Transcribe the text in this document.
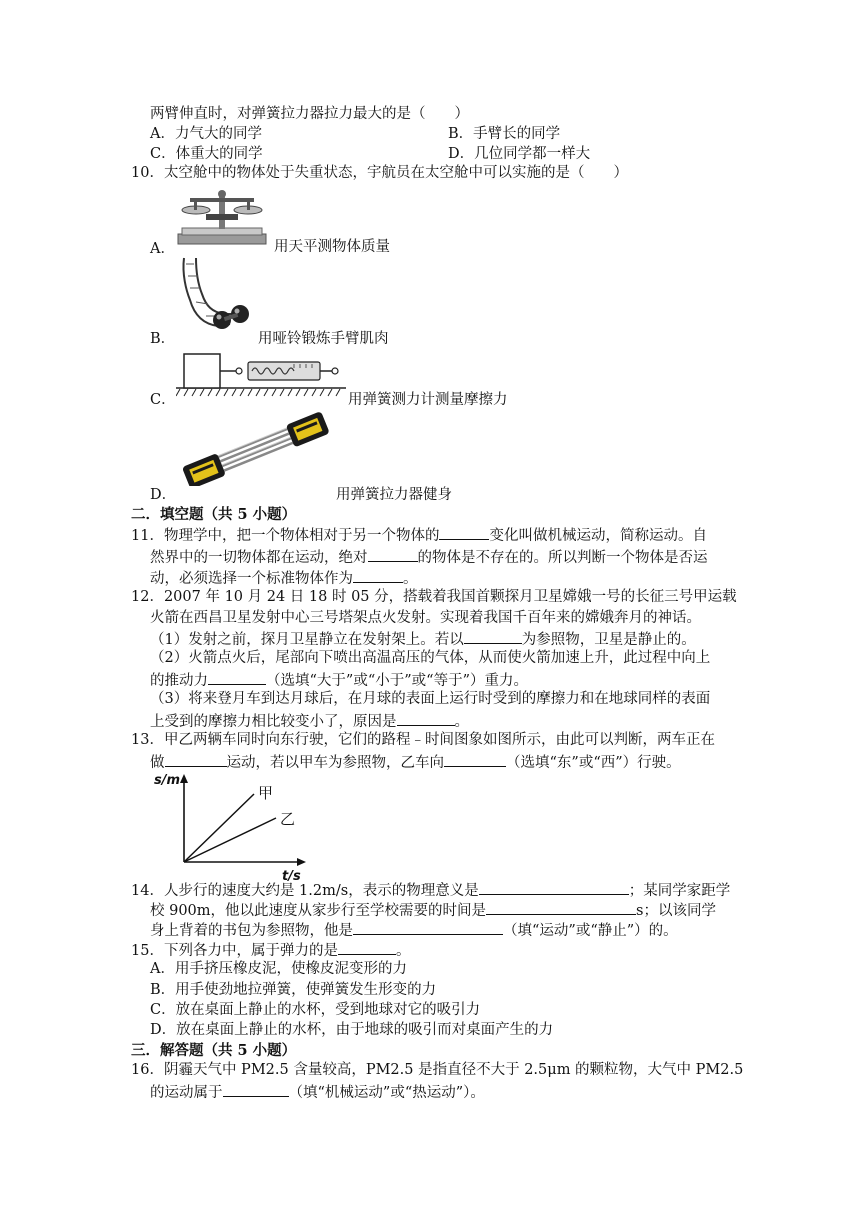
两臂伸直时，对弹簧拉力器拉力最大的是（　　）
A．力气大的同学	B．手臂长的同学
C．体重大的同学	D．几位同学都一样大
10．太空舱中的物体处于失重状态，宇航员在太空舱中可以实施的是（　　）
A．	用天平测物体质量
B．	用哑铃锻炼手臂肌肉
C．	用弹簧测力计测量摩擦力
D．	用弹簧拉力器健身
二．填空题（共 5 小题）
11．物理学中，把一个物体相对于另一个物体的	变化叫做机械运动，简称运动。自
然界中的一切物体都在运动，绝对	的物体是不存在的。所以判断一个物体是否运
动，必须选择一个标准物体作为	。
12．2007 年 10 月 24 日 18 时 05 分，搭载着我国首颗探月卫星嫦娥一号的长征三号甲运载
火箭在西昌卫星发射中心三号塔架点火发射。实现着我国千百年来的嫦娥奔月的神话。
（1）发射之前，探月卫星静立在发射架上。若以	为参照物，卫星是静止的。
（2）火箭点火后，尾部向下喷出高温高压的气体，从而使火箭加速上升，此过程中向上
的推动力	（选填“大于”或“小于”或“等于”）重力。
（3）将来登月车到达月球后，在月球的表面上运行时受到的摩擦力和在地球同样的表面
上受到的摩擦力相比较变小了，原因是	。
13．甲乙两辆车同时向东行驶，它们的路程﹣时间图象如图所示，由此可以判断，两车正在
做	运动，若以甲车为参照物，乙车向	（选填“东”或“西”）行驶。
s/m
甲
乙
t/s
14．人步行的速度大约是 1.2m/s，表示的物理意义是	；某同学家距学
校 900m，他以此速度从家步行至学校需要的时间是	s；以该同学
身上背着的书包为参照物，他是	（填“运动”或“静止”）的。
15．下列各力中，属于弹力的是	。
A．用手挤压橡皮泥，使橡皮泥变形的力
B．用手使劲地拉弹簧，使弹簧发生形变的力
C．放在桌面上静止的水杯，受到地球对它的吸引力
D．放在桌面上静止的水杯，由于地球的吸引而对桌面产生的力
三．解答题（共 5 小题）
16．阴霾天气中 PM2.5 含量较高，PM2.5 是指直径不大于 2.5μm 的颗粒物，大气中 PM2.5
的运动属于	（填“机械运动”或“热运动”）。
